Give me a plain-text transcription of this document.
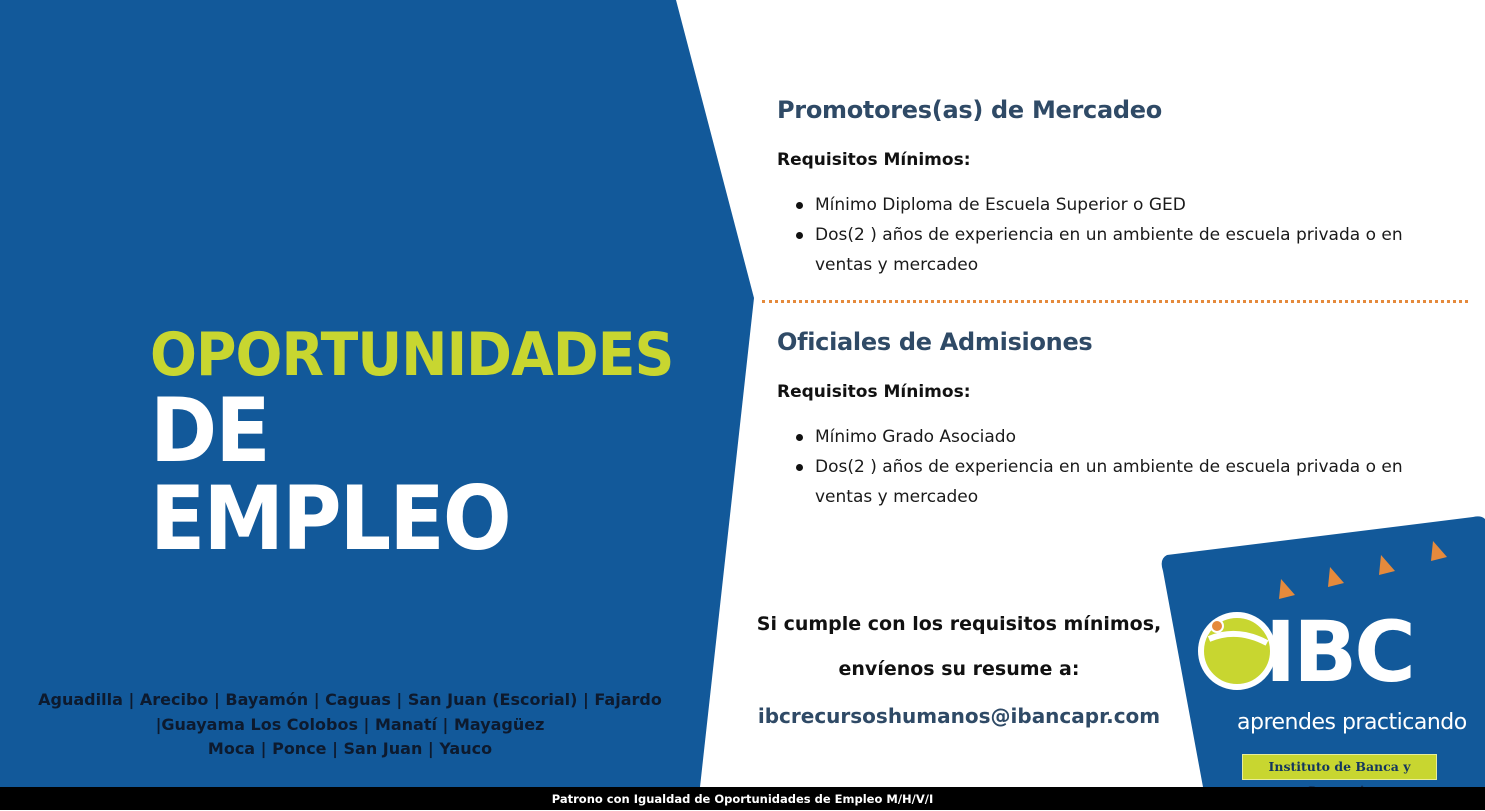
OPORTUNIDADES
DE EMPLEO
Aguadilla | Arecibo | Bayamón | Caguas | San Juan (Escorial) | Fajardo
|Guayama Los Colobos | Manatí | Mayagüez
Moca | Ponce | San Juan | Yauco
Promotores(as) de Mercadeo
Requisitos Mínimos:
Mínimo Diploma de Escuela Superior o GED
Dos(2 ) años de experiencia en un ambiente de escuela privada o en ventas y mercadeo
Oficiales de Admisiones
Requisitos Mínimos:
Mínimo Grado Asociado
Dos(2 ) años de experiencia en un ambiente de escuela privada o en ventas y mercadeo
Si cumple con los requisitos mínimos,
envíenos su resume a:
ibcrecursoshumanos@ibancapr.com
IBC
aprendes practicando
Instituto de Banca y
Patrono con Igualdad de Oportunidades de Empleo M/H/V/I
